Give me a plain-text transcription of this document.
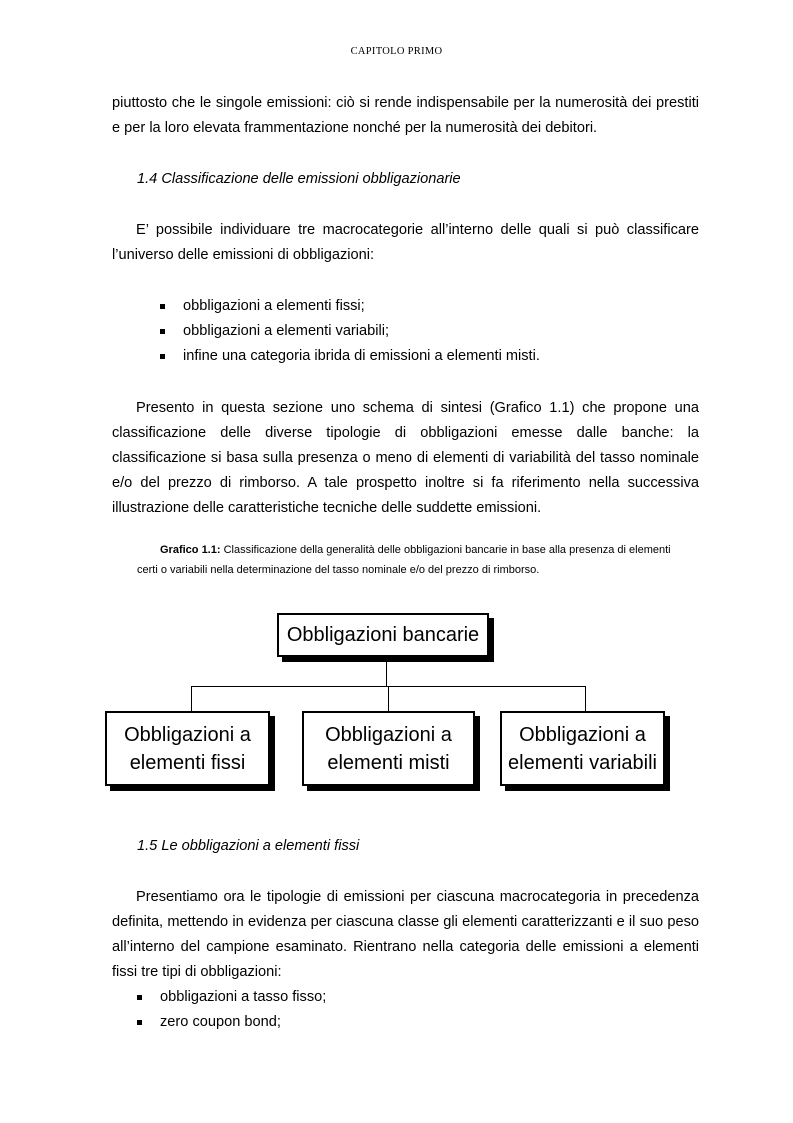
CAPITOLO PRIMO
piuttosto che le singole emissioni: ciò si rende indispensabile per la numerosità dei prestiti e per la loro elevata frammentazione nonché per la numerosità dei debitori.
1.4 Classificazione delle emissioni obbligazionarie
E’ possibile individuare tre macrocategorie all’interno delle quali si può classificare l’universo delle emissioni di obbligazioni:
obbligazioni a elementi fissi;
obbligazioni a elementi variabili;
infine una categoria ibrida di emissioni a elementi misti.
Presento in questa sezione uno schema di sintesi (Grafico 1.1) che propone una classificazione delle diverse tipologie di obbligazioni emesse dalle banche: la classificazione si basa sulla presenza o meno di elementi di variabilità del tasso nominale e/o del prezzo di rimborso. A tale prospetto inoltre si fa riferimento nella successiva illustrazione delle caratteristiche tecniche delle suddette emissioni.
Grafico 1.1: Classificazione della generalità delle obbligazioni bancarie in base alla presenza di elementi certi o variabili nella determinazione del tasso nominale e/o del prezzo di rimborso.
Obbligazioni bancarie
Obbligazioni a
elementi fissi
Obbligazioni a
elementi misti
Obbligazioni a
elementi variabili
1.5 Le obbligazioni a elementi fissi
Presentiamo ora le tipologie di emissioni per ciascuna macrocategoria in precedenza definita, mettendo in evidenza per ciascuna classe gli elementi caratterizzanti e il suo peso all’interno del campione esaminato. Rientrano nella categoria delle emissioni a elementi fissi tre tipi di obbligazioni:
obbligazioni a tasso fisso;
zero coupon bond;
